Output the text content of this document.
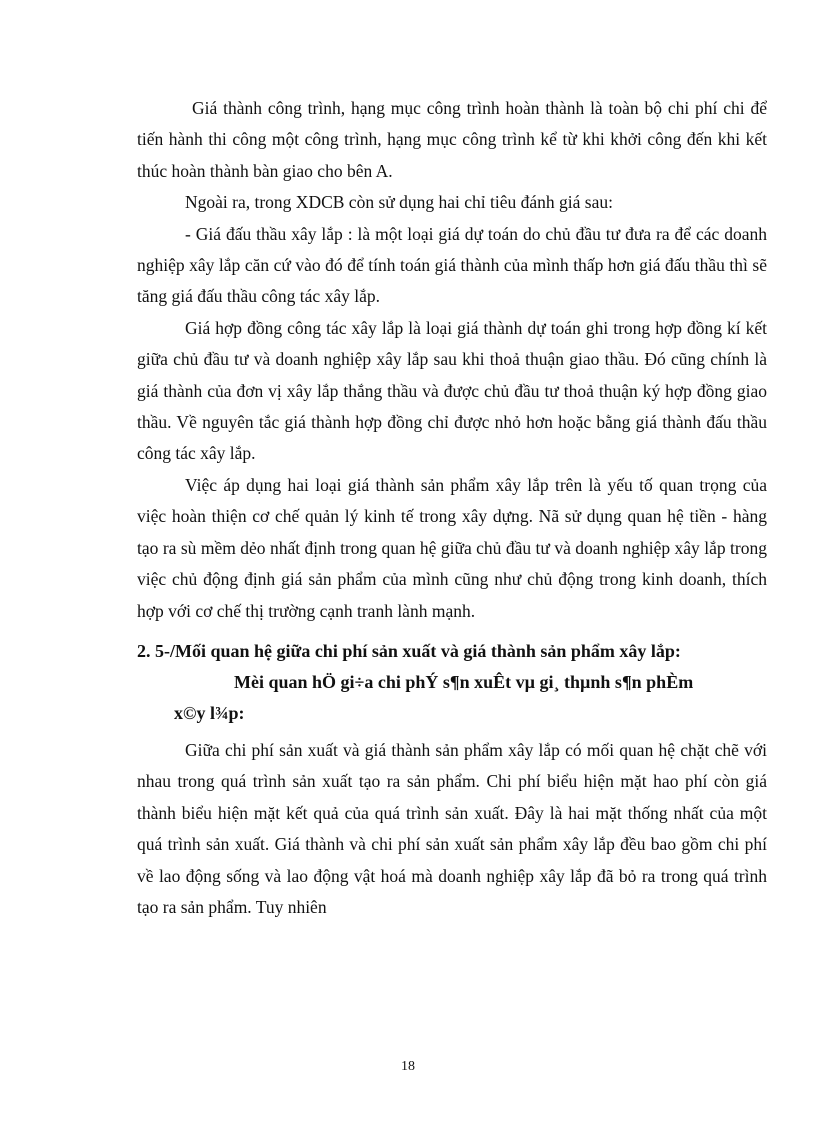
Giá thành công trình, hạng mục công trình hoàn thành là toàn bộ chi phí chi để tiến hành thi công một công trình, hạng mục công trình kể từ khi khởi công đến khi kết thúc hoàn thành bàn giao cho bên A.

Ngoài ra, trong XDCB còn sử dụng hai chỉ tiêu đánh giá sau:

- Giá đấu thầu xây lắp : là một loại giá dự toán do chủ đầu tư đưa ra để các doanh nghiệp xây lắp căn cứ vào đó để tính toán giá thành của mình thấp hơn giá đấu thầu thì sẽ tăng giá đấu thầu công tác xây lắp.

Giá hợp đồng công tác xây lắp là loại giá thành dự toán ghi trong hợp đồng kí kết giữa chủ đầu tư và doanh nghiệp xây lắp sau khi thoả thuận giao thầu. Đó cũng chính là giá thành của đơn vị xây lắp thắng thầu và được chủ đầu tư thoả thuận ký hợp đồng giao thầu. Về nguyên tắc giá thành hợp đồng chỉ được nhỏ hơn hoặc bằng giá thành đấu thầu công tác xây lắp.

Việc áp dụng hai loại giá thành sản phẩm xây lắp trên là yếu tố quan trọng của việc hoàn thiện cơ chế quản lý kinh tế trong xây dựng. Nã sử dụng quan hệ tiền - hàng tạo ra sù mềm dẻo nhất định trong quan hệ giữa chủ đầu tư và doanh nghiệp xây lắp trong việc chủ động định giá sản phẩm của mình cũng như chủ động trong kinh doanh, thích hợp với cơ chế thị trường cạnh tranh lành mạnh.

2. 5-/Mối quan hệ giữa chi phí sản xuất và giá thành sản phẩm xây lắp:

Mèi quan hÖ gi÷a chi phÝ s¶n xuÊt vµ gi¸ thµnh s¶n phÈm
x©y l¾p:

Giữa chi phí sản xuất và giá thành sản phẩm xây lắp có mối quan hệ chặt chẽ với nhau trong quá trình sản xuất tạo ra sản phẩm. Chi phí biểu hiện mặt hao phí còn giá thành biểu hiện mặt kết quả của quá trình sản xuất. Đây là hai mặt thống nhất của một quá trình sản xuất. Giá thành và chi phí sản xuất sản phẩm xây lắp đều bao gồm chi phí về lao động sống và lao động vật hoá mà doanh nghiệp xây lắp đã bỏ ra trong quá trình tạo ra sản phẩm. Tuy nhiên

18
